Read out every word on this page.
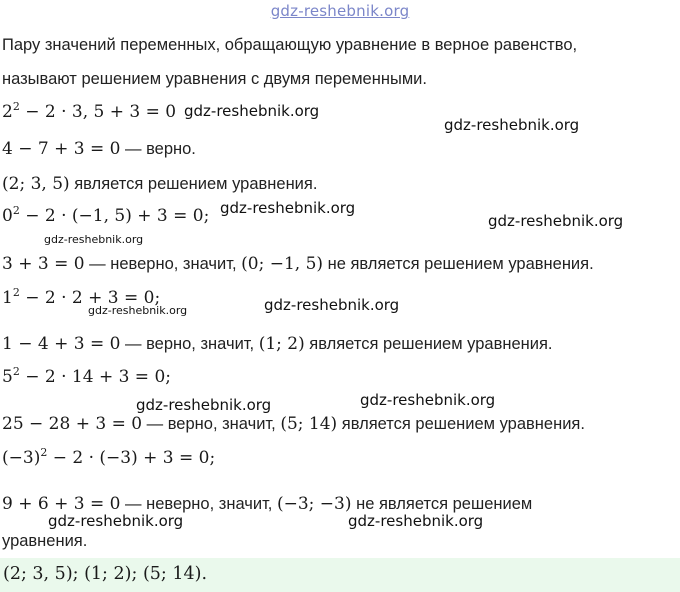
gdz-reshebnik.org
Пару значений переменных, обращающую уравнение в верное равенство,
называют решением уравнения с двумя переменными.
$2^2 - 2 \cdot 3$, 5 + 3 = 0
4 − 7 + 3 = 0 — верно.
(2; 3, 5) является решением уравнения.
$0^2 - 2 \cdot (-1$, 5) + 3 = 0;
3 + 3 = 0 — неверно, значит, (0; −1, 5) не является решением уравнения.
$1^2 - 2 \cdot 2 + 3 = 0$;
1 − 4 + 3 = 0 — верно, значит, (1; 2) является решением уравнения.
$5^2 - 2 \cdot 14 + 3 = 0$;
25 − 28 + 3 = 0 — верно, значит, (5; 14) является решением уравнения.
$(-3)^2 - 2 \cdot (-3) + 3 = 0$;
9 + 6 + 3 = 0 — неверно, значит, (−3; −3) не является решением
уравнения.
(2; 3, 5); (1; 2); (5; 14).
gdz-reshebnik.org
gdz-reshebnik.org
gdz-reshebnik.org
gdz-reshebnik.org
gdz-reshebnik.org
gdz-reshebnik.org
gdz-reshebnik.org
gdz-reshebnik.org	gdz-reshebnik.org
gdz-reshebnik.org	gdz-reshebnik.org
